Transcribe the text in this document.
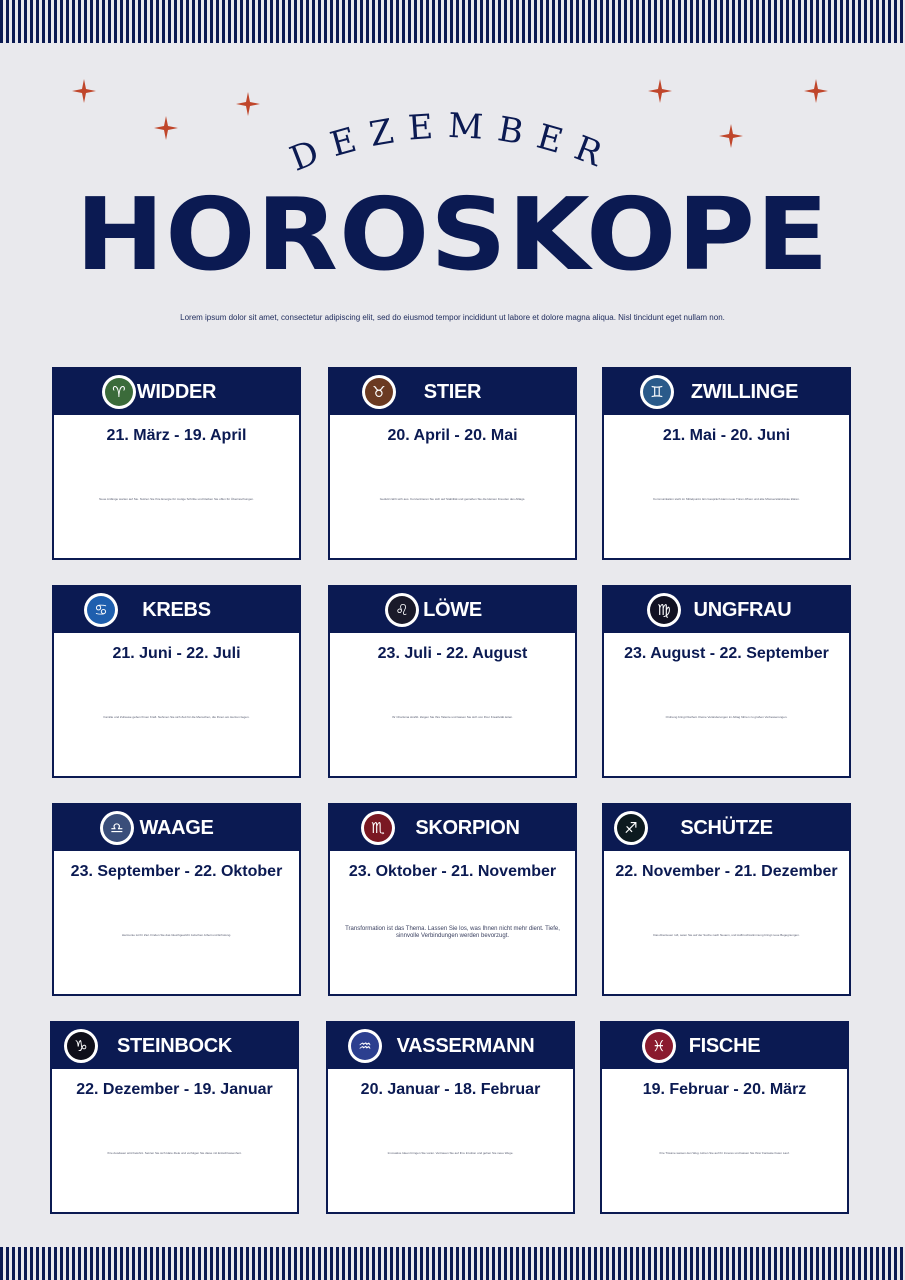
DEZEMBER
HOROSKOPE
Lorem ipsum dolor sit amet, consectetur adipiscing elit, sed do eiusmod tempor incididunt ut labore et dolore magna aliqua. Nisl tincidunt eget nullam non.
♈ WIDDER
21. März - 19. April
Neue Anfänge warten auf Sie. Nutzen Sie Ihre Energie für mutige Schritte und bleiben Sie offen für Überraschungen.
♉	STIER
20. April - 20. Mai
Geduld zahlt sich aus. Konzentrieren Sie sich auf Stabilität und genießen Sie die kleinen Freuden des Alltags.
♊	ZWILLINGE
21. Mai - 20. Juni
Kommunikation steht im Mittelpunkt. Ein Gespräch kann neue Türen öffnen und alte Missverständnisse klären.
♋	KREBS
21. Juni - 22. Juli
Familie und Zuhause geben Ihnen Kraft. Nehmen Sie sich Zeit für die Menschen, die Ihnen am Herzen liegen.
♌ LÖWE
23. Juli - 22. August
Ihr Charisma strahlt. Zeigen Sie Ihre Talente und lassen Sie sich von Ihrer Kreativität leiten.
♍	UNGFRAU
23. August - 22. September
Ordnung bringt Klarheit. Kleine Veränderungen im Alltag führen zu großen Verbesserungen.
♎ WAAGE
23. September - 22. Oktober
Harmonie ist Ihr Ziel. Finden Sie das Gleichgewicht zwischen Arbeit und Erholung.
♏	SKORPION
23. Oktober - 21. November
Transformation ist das Thema. Lassen Sie los, was Ihnen nicht mehr dient. Tiefe, sinnvolle Verbindungen werden bevorzugt.
♐	SCHÜTZE
22. November - 21. Dezember
Das Abenteuer ruft, seien Sie auf der Suche nach Neuem, und Aufbruchsstimmung bringt neue Begegnungen.
♑	STEINBOCK
22. Dezember - 19. Januar
Ihre Ausdauer wird belohnt. Setzen Sie sich klare Ziele und verfolgen Sie diese mit Entschlossenheit.
♒	VASSERMANN
20. Januar - 18. Februar
Innovative Ideen bringen Sie voran. Vertrauen Sie auf Ihre Intuition und gehen Sie neue Wege.
♓	FISCHE
19. Februar - 20. März
Ihre Träume weisen den Weg. Hören Sie auf Ihr Inneres und lassen Sie Ihrer Fantasie freien Lauf.
